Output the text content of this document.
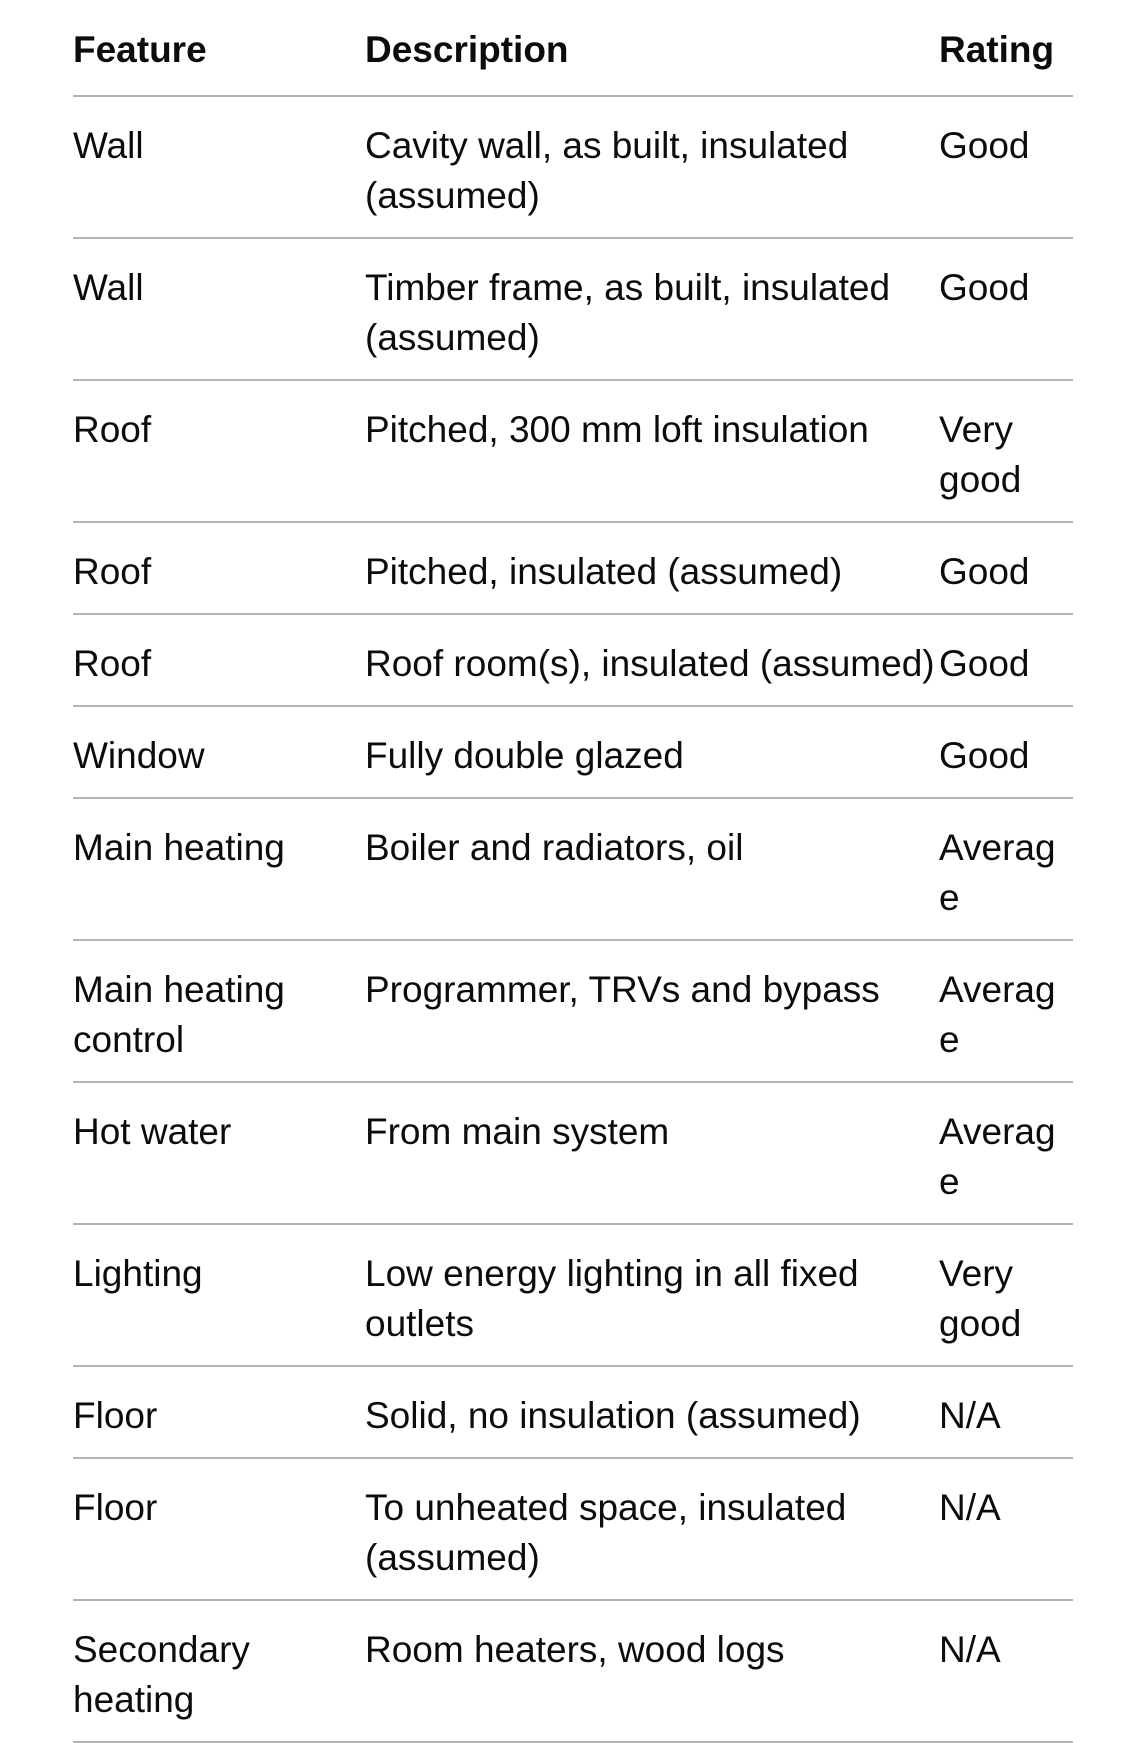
Feature	Description	Rating
Wall	Cavity wall, as built, insulated (assumed)	Good
Wall	Timber frame, as built, insulated (assumed)	Good
Roof	Pitched, 300 mm loft insulation	Very good
Roof	Pitched, insulated (assumed)	Good
Roof	Roof room(s), insulated (assumed)	Good
Window	Fully double glazed	Good
Main heating	Boiler and radiators, oil	Average
Main heating control	Programmer, TRVs and bypass	Average
Hot water	From main system	Average
Lighting	Low energy lighting in all fixed outlets	Very good
Floor	Solid, no insulation (assumed)	N/A
Floor	To unheated space, insulated (assumed)	N/A
Secondary heating	Room heaters, wood logs	N/A
